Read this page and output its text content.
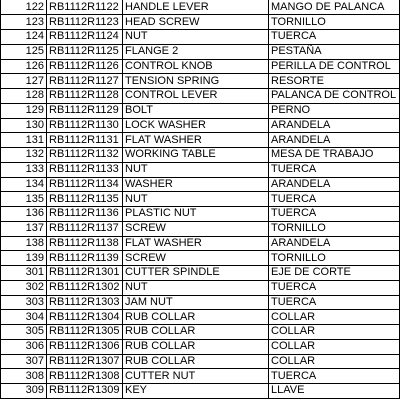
122	RB1112R1122	HANDLE LEVER	MANGO DE PALANCA
123	RB1112R1123	HEAD SCREW	TORNILLO
124	RB1112R1124	NUT	TUERCA
125	RB1112R1125	FLANGE 2	PESTAÑA
126	RB1112R1126	CONTROL KNOB	PERILLA DE CONTROL
127	RB1112R1127	TENSION SPRING	RESORTE
128	RB1112R1128	CONTROL LEVER	PALANCA DE CONTROL
129	RB1112R1129	BOLT	PERNO
130	RB1112R1130	LOCK WASHER	ARANDELA
131	RB1112R1131	FLAT WASHER	ARANDELA
132	RB1112R1132	WORKING TABLE	MESA DE TRABAJO
133	RB1112R1133	NUT	TUERCA
134	RB1112R1134	WASHER	ARANDELA
135	RB1112R1135	NUT	TUERCA
136	RB1112R1136	PLASTIC NUT	TUERCA
137	RB1112R1137	SCREW	TORNILLO
138	RB1112R1138	FLAT WASHER	ARANDELA
139	RB1112R1139	SCREW	TORNILLO
301	RB1112R1301	CUTTER SPINDLE	EJE DE CORTE
302	RB1112R1302	NUT	TUERCA
303	RB1112R1303	JAM NUT	TUERCA
304	RB1112R1304	RUB COLLAR	COLLAR
305	RB1112R1305	RUB COLLAR	COLLAR
306	RB1112R1306	RUB COLLAR	COLLAR
307	RB1112R1307	RUB COLLAR	COLLAR
308	RB1112R1308	CUTTER NUT	TUERCA
309	RB1112R1309	KEY	LLAVE
